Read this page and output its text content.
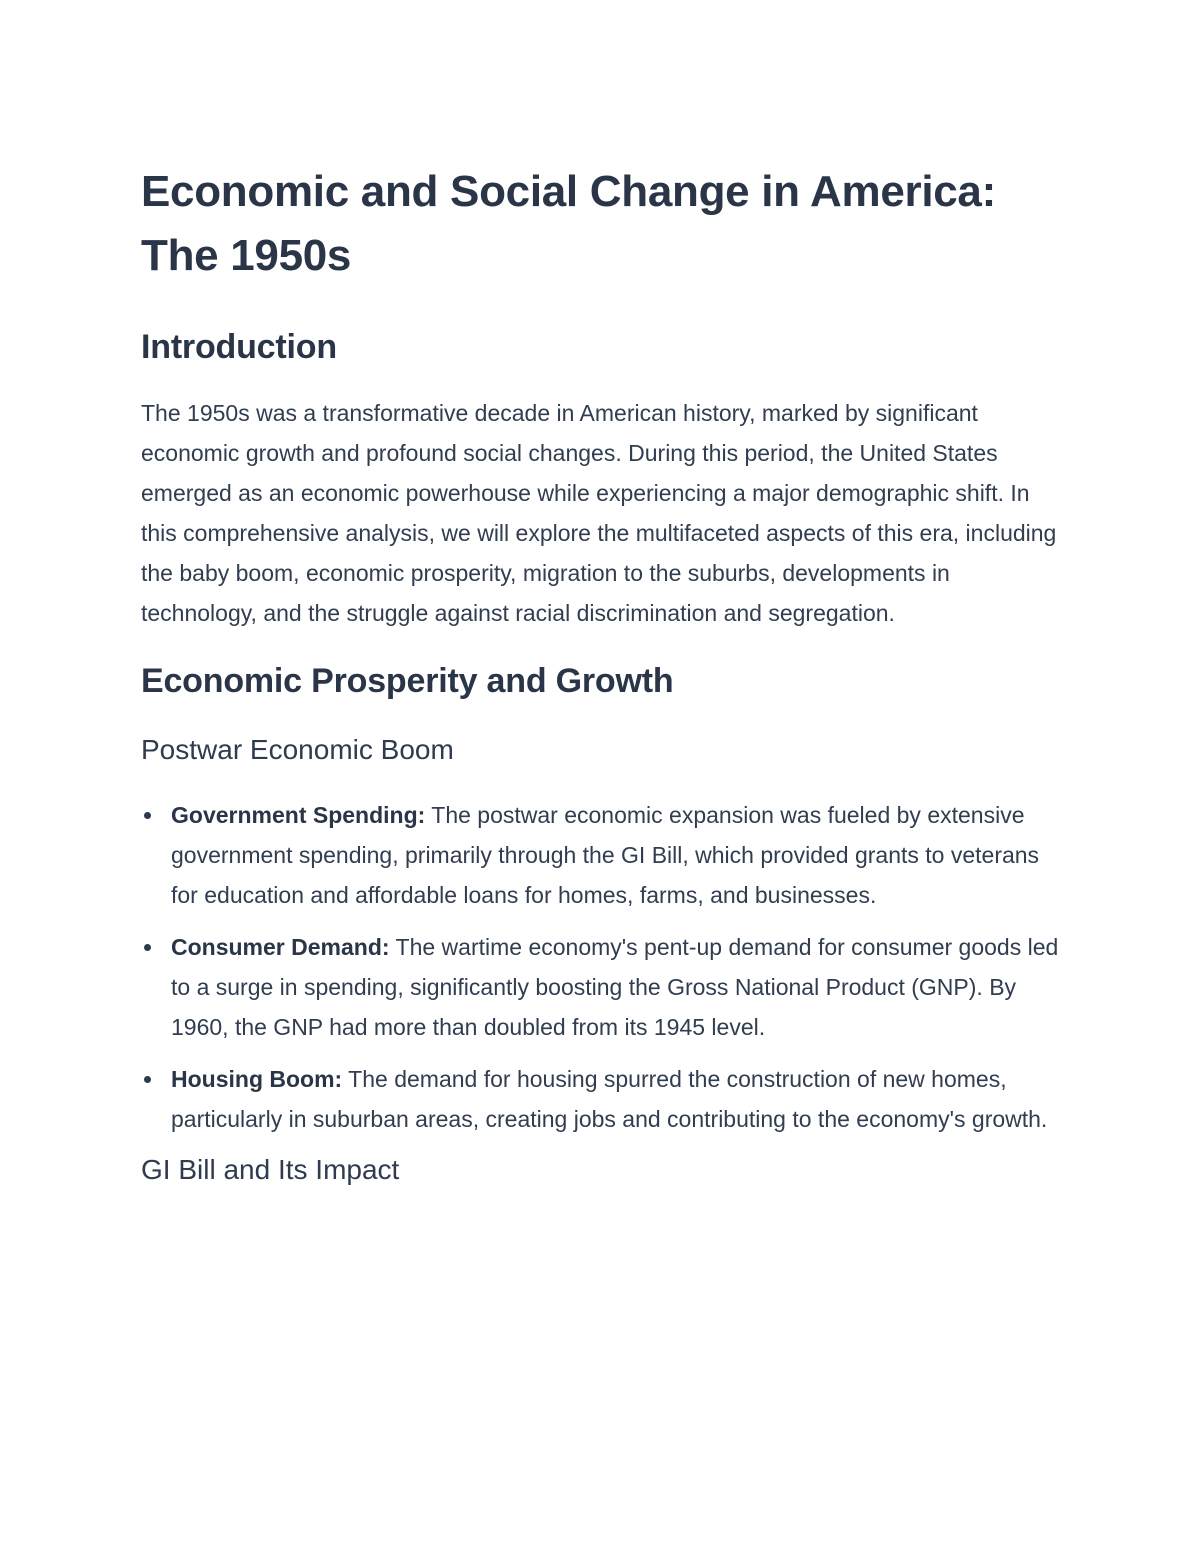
Economic and Social Change in America: The 1950s
Introduction

The 1950s was a transformative decade in American history, marked by significant economic growth and profound social changes. During this period, the United States emerged as an economic powerhouse while experiencing a major demographic shift. In this comprehensive analysis, we will explore the multifaceted aspects of this era, including the baby boom, economic prosperity, migration to the suburbs, developments in technology, and the struggle against racial discrimination and segregation.

Economic Prosperity and Growth
Postwar Economic Boom
Government Spending: The postwar economic expansion was fueled by extensive government spending, primarily through the GI Bill, which provided grants to veterans for education and affordable loans for homes, farms, and businesses.
Consumer Demand: The wartime economy's pent-up demand for consumer goods led to a surge in spending, significantly boosting the Gross National Product (GNP). By 1960, the GNP had more than doubled from its 1945 level.
Housing Boom: The demand for housing spurred the construction of new homes, particularly in suburban areas, creating jobs and contributing to the economy's growth.
GI Bill and Its Impact
